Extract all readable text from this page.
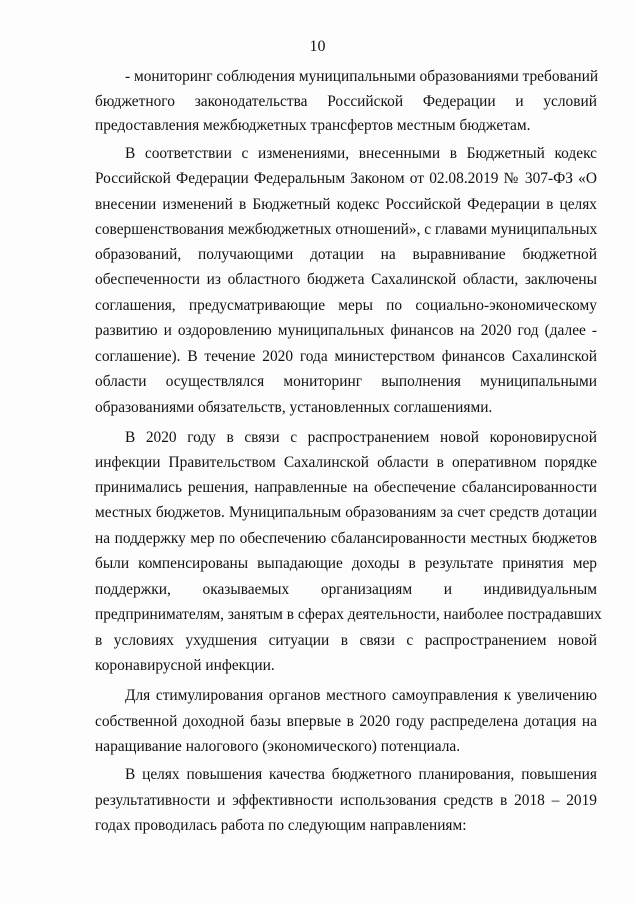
10
- мониторинг соблюдения муниципальными образованиями требований
бюджетного законодательства Российской Федерации и условий
предоставления межбюджетных трансфертов местным бюджетам.
В соответствии с изменениями, внесенными в Бюджетный кодекс
Российской Федерации Федеральным Законом от 02.08.2019 № 307-ФЗ «О
внесении изменений в Бюджетный кодекс Российской Федерации в целях
совершенствования межбюджетных отношений», с главами муниципальных
образований, получающими дотации на выравнивание бюджетной
обеспеченности из областного бюджета Сахалинской области, заключены
соглашения, предусматривающие меры по социально-экономическому
развитию и оздоровлению муниципальных финансов на 2020 год (далее -
соглашение). В течение 2020 года министерством финансов Сахалинской
области осуществлялся мониторинг выполнения муниципальными
образованиями обязательств, установленных соглашениями.
В 2020 году в связи с распространением новой короновирусной
инфекции Правительством Сахалинской области в оперативном порядке
принимались решения, направленные на обеспечение сбалансированности
местных бюджетов. Муниципальным образованиям за счет средств дотации
на поддержку мер по обеспечению сбалансированности местных бюджетов
были компенсированы выпадающие доходы в результате принятия мер
поддержки, оказываемых организациям и индивидуальным
предпринимателям, занятым в сферах деятельности, наиболее пострадавших
в условиях ухудшения ситуации в связи с распространением новой
коронавирусной инфекции.
Для стимулирования органов местного самоуправления к увеличению
собственной доходной базы впервые в 2020 году распределена дотация на
наращивание налогового (экономического) потенциала.
В целях повышения качества бюджетного планирования, повышения
результативности и эффективности использования средств в 2018 – 2019
годах проводилась работа по следующим направлениям:
